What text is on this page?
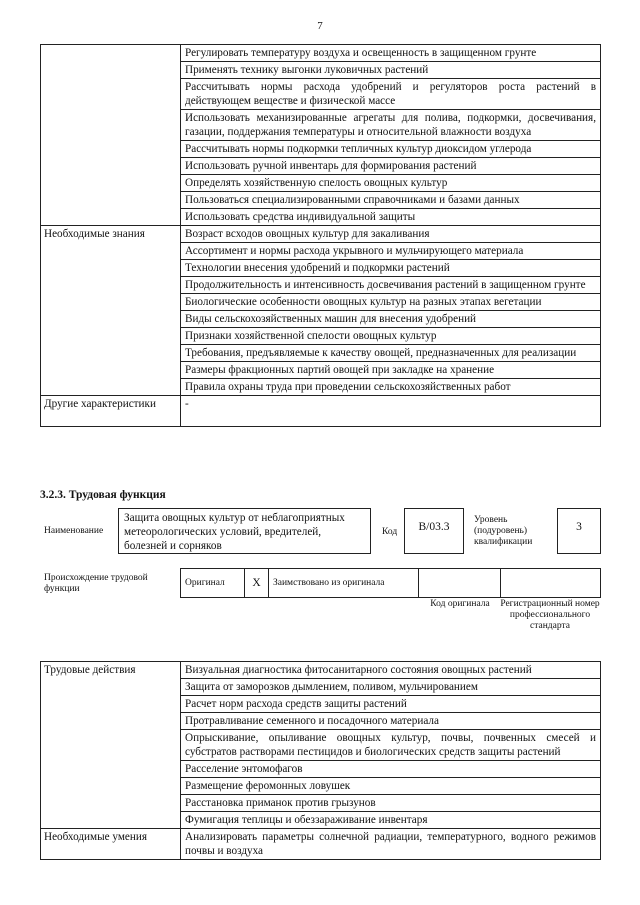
7
	Регулировать температуру воздуха и освещенность в защищенном грунте
	Применять технику выгонки луковичных растений
	Рассчитывать нормы расхода удобрений и регуляторов роста растений в действующем веществе и физической массе
	Использовать механизированные агрегаты для полива, подкормки, досвечивания, газации, поддержания температуры и относительной влажности воздуха
	Рассчитывать нормы подкормки тепличных культур диоксидом углерода
	Использовать ручной инвентарь для формирования растений
	Определять хозяйственную спелость овощных культур
	Пользоваться специализированными справочниками и базами данных
	Использовать средства индивидуальной защиты
Необходимые знания	Возраст всходов овощных культур для закаливания
	Ассортимент и нормы расхода укрывного и мульчирующего материала
	Технологии внесения удобрений и подкормки растений
	Продолжительность и интенсивность досвечивания растений в защищенном грунте
	Биологические особенности овощных культур на разных этапах вегетации
	Виды сельскохозяйственных машин для внесения удобрений
	Признаки хозяйственной спелости овощных культур
	Требования, предъявляемые к качеству овощей, предназначенных для реализации
	Размеры фракционных партий овощей при закладке на хранение
	Правила охраны труда при проведении сельскохозяйственных работ
Другие характеристики	-
3.2.3. Трудовая функция
Наименование
Защита овощных культур от неблагоприятных метеорологических условий, вредителей, болезней и сорняков
Код	В/03.3
Уровень (подуровень) квалификации
3
Происхождение трудовой функции
Оригинал	X	Заимствовано из оригинала
Код оригинала	Регистрационный номер профессионального стандарта
Трудовые действия	Визуальная диагностика фитосанитарного состояния овощных растений
	Защита от заморозков дымлением, поливом, мульчированием
	Расчет норм расхода средств защиты растений
	Протравливание семенного и посадочного материала
	Опрыскивание, опыливание овощных культур, почвы, почвенных смесей и субстратов растворами пестицидов и биологических средств защиты растений
	Расселение энтомофагов
	Размещение феромонных ловушек
	Расстановка приманок против грызунов
	Фумигация теплицы и обеззараживание инвентаря
Необходимые умения	Анализировать параметры солнечной радиации, температурного, водного режимов почвы и воздуха
